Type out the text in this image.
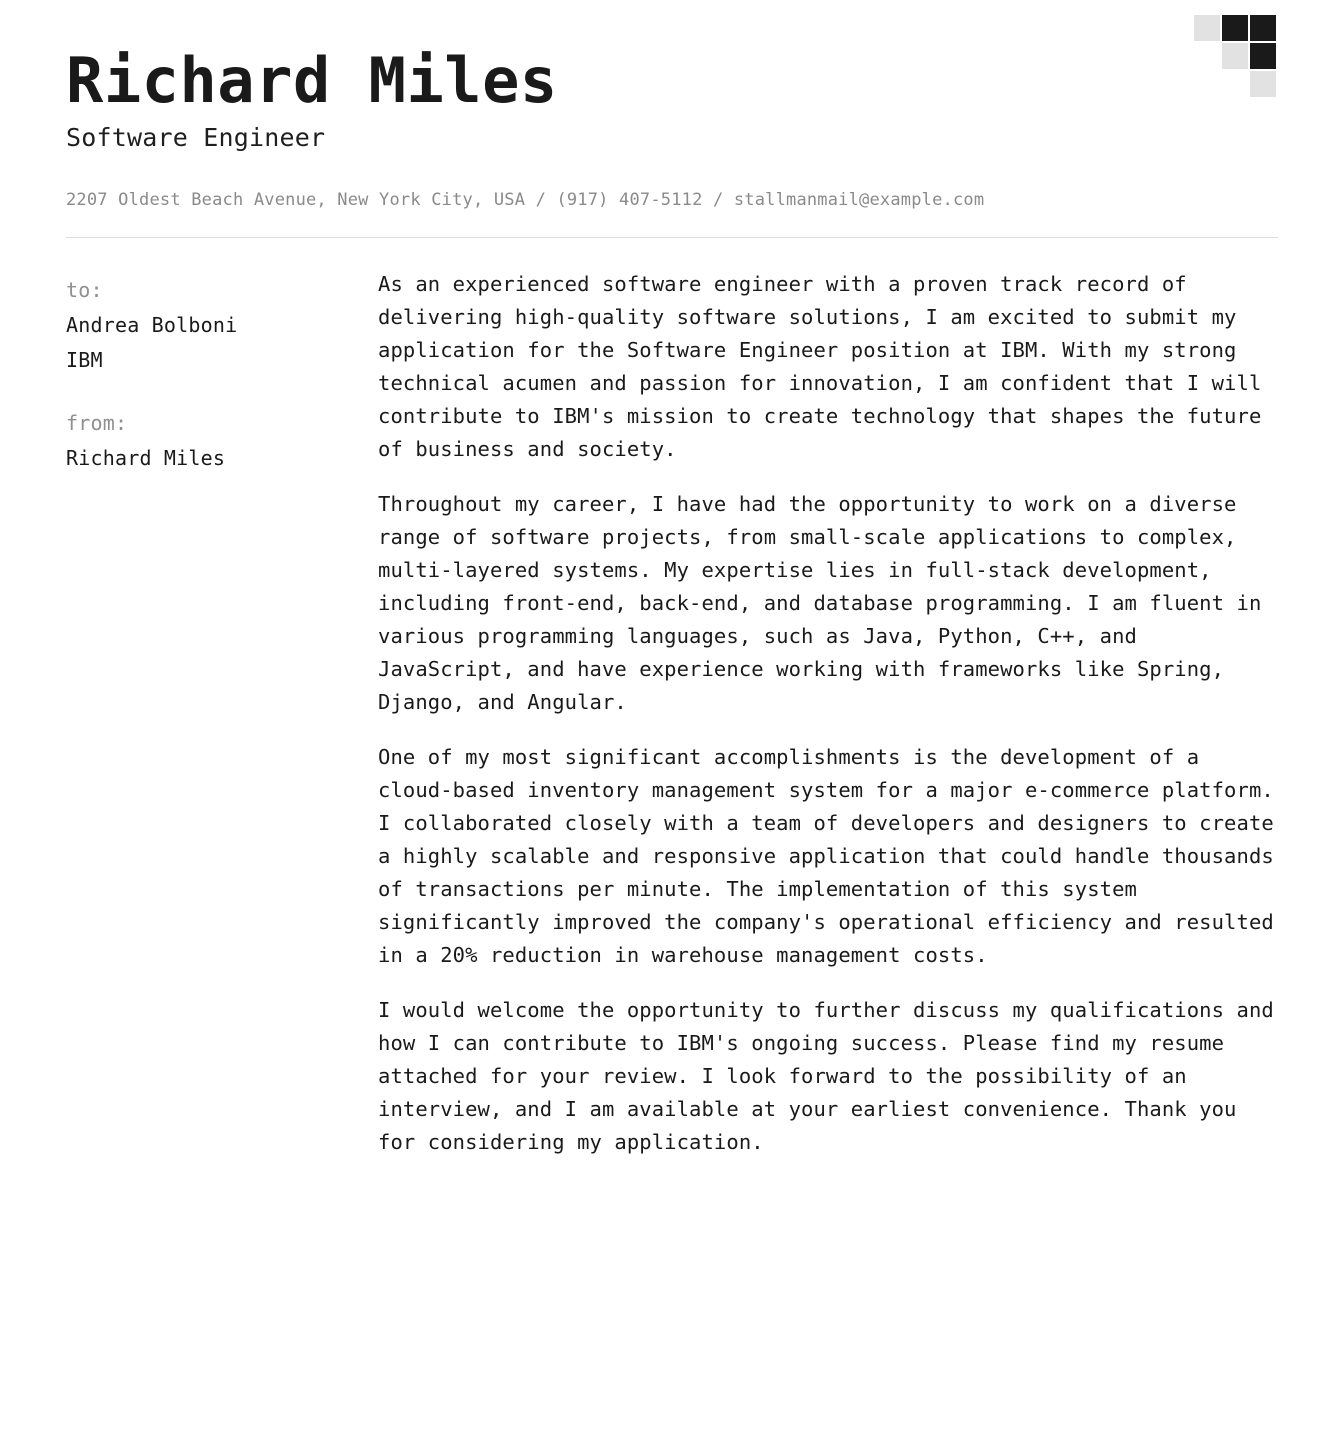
Richard Miles
Software Engineer
2207 Oldest Beach Avenue, New York City, USA / (917) 407-5112 / stallmanmail@example.com
to:
Andrea Bolboni
IBM
from:
Richard Miles

As an experienced software engineer with a proven track record of delivering high-quality software solutions, I am excited to submit my application for the Software Engineer position at IBM. With my strong technical acumen and passion for innovation, I am confident that I will contribute to IBM's mission to create technology that shapes the future of business and society.

Throughout my career, I have had the opportunity to work on a diverse range of software projects, from small-scale applications to complex, multi-layered systems. My expertise lies in full-stack development, including front-end, back-end, and database programming. I am fluent in various programming languages, such as Java, Python, C++, and JavaScript, and have experience working with frameworks like Spring, Django, and Angular.

One of my most significant accomplishments is the development of a cloud-based inventory management system for a major e-commerce platform. I collaborated closely with a team of developers and designers to create a highly scalable and responsive application that could handle thousands of transactions per minute. The implementation of this system significantly improved the company's operational efficiency and resulted in a 20% reduction in warehouse management costs.

I would welcome the opportunity to further discuss my qualifications and how I can contribute to IBM's ongoing success. Please find my resume attached for your review. I look forward to the possibility of an interview, and I am available at your earliest convenience. Thank you for considering my application.
